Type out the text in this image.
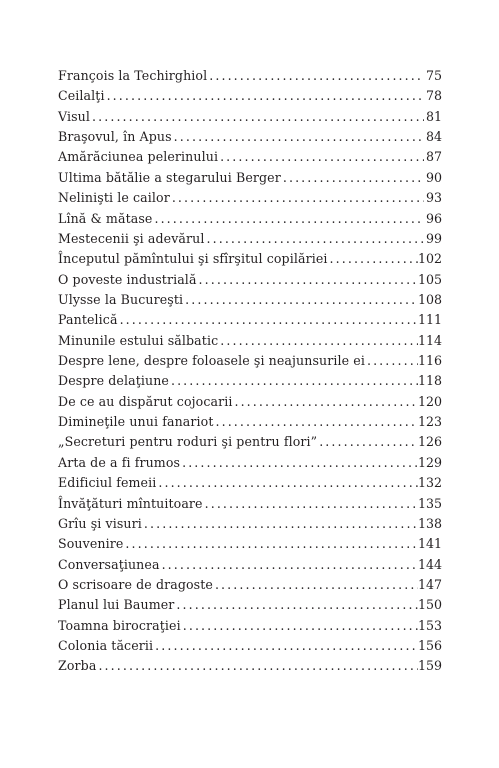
François la Techirghiol . . .	75
Ceilalţi . . .	78
Visul . . .	81
Braşovul, în Apus . . .	84
Amărăciunea pelerinului . . .	87
Ultima bătălie a stegarului Berger . . .	90
Nelinişti le cailor . . .	93
Lînă & mătase . . .	96
Mestecenii şi adevărul . . .	99
Începutul pămîntului şi sfîrşitul copilăriei . . .	102
O poveste industrială . . .	105
Ulysse la Bucureşti . . .	108
Pantelică . . .	111
Minunile estului sălbatic . . .	114
Despre lene, despre foloasele şi neajunsurile ei . . .	116
Despre delaţiune . . .	118
De ce au dispărut cojocarii . . .	120
Dimineţile unui fanariot . . .	123
„Secreturi pentru roduri şi pentru flori” . . .	126
Arta de a fi frumos . . .	129
Edificiul femeii . . .	132
Învăţături mîntuitoare . . .	135
Grîu şi visuri . . .	138
Souvenire . . .	141
Conversaţiunea . . .	144
O scrisoare de dragoste . . .	147
Planul lui Baumer . . .	150
Toamna birocraţiei . . .	153
Colonia tăcerii . . .	156
Zorba . . .	159
